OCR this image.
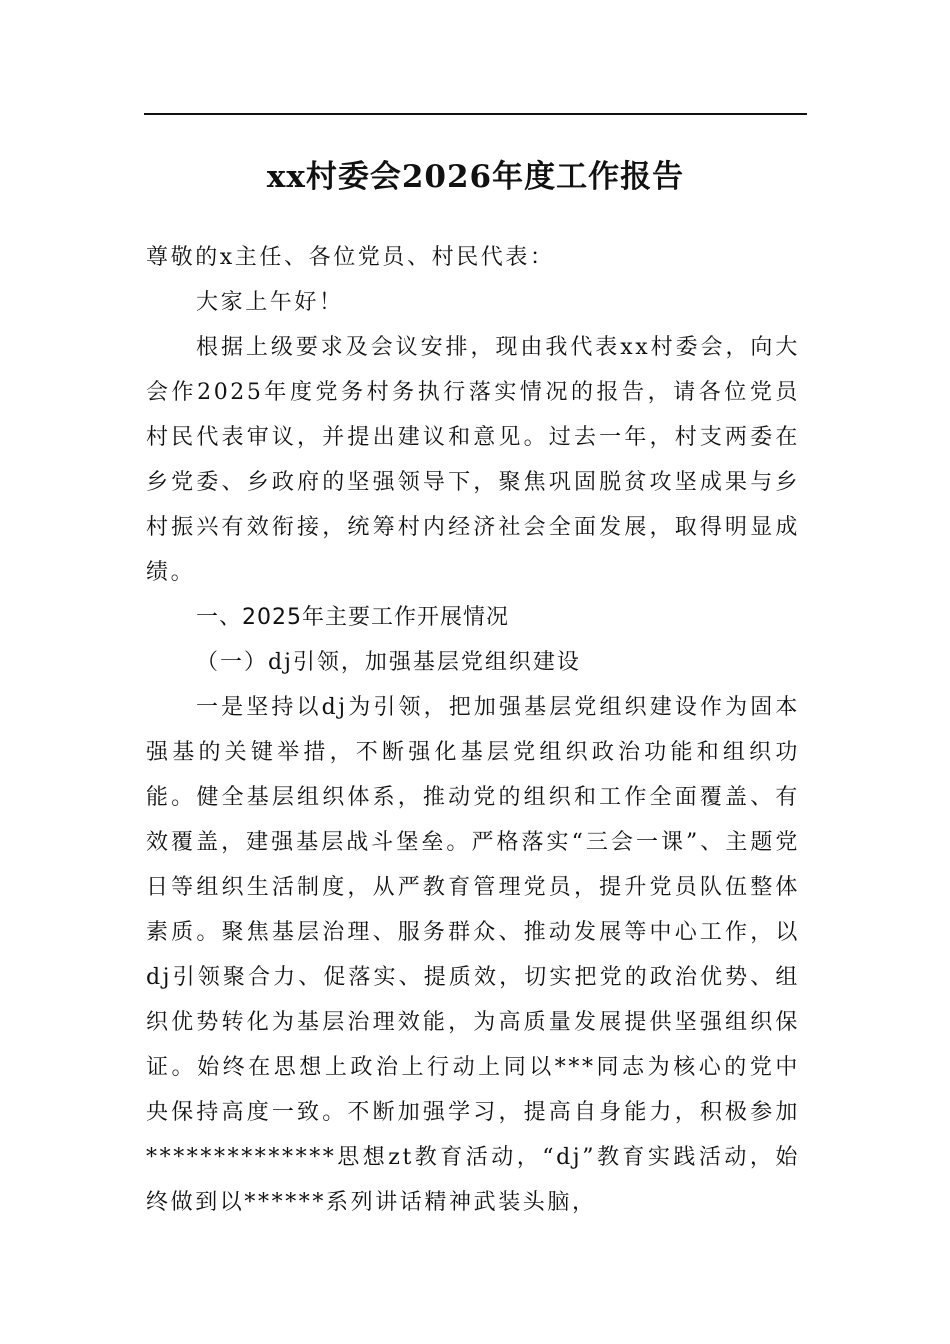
xx村委会2026年度工作报告

尊敬的x主任、各位党员、村民代表：

大家上午好！

根据上级要求及会议安排，现由我代表xx村委会，向大会作2025年度党务村务执行落实情况的报告，请各位党员村民代表审议，并提出建议和意见。过去一年，村支两委在乡党委、乡政府的坚强领导下，聚焦巩固脱贫攻坚成果与乡村振兴有效衔接，统筹村内经济社会全面发展，取得明显成绩。

一、2025年主要工作开展情况

（一）dj引领，加强基层党组织建设

一是坚持以dj为引领，把加强基层党组织建设作为固本强基的关键举措，不断强化基层党组织政治功能和组织功能。健全基层组织体系，推动党的组织和工作全面覆盖、有效覆盖，建强基层战斗堡垒。严格落实“三会一课”、主题党日等组织生活制度，从严教育管理党员，提升党员队伍整体素质。聚焦基层治理、服务群众、推动发展等中心工作，以dj引领聚合力、促落实、提质效，切实把党的政治优势、组织优势转化为基层治理效能，为高质量发展提供坚强组织保证。始终在思想上政治上行动上同以***同志为核心的党中央保持高度一致。不断加强学习，提高自身能力，积极参加**************思想zt教育活动，“dj”教育实践活动，始终做到以******系列讲话精神武装头脑，
